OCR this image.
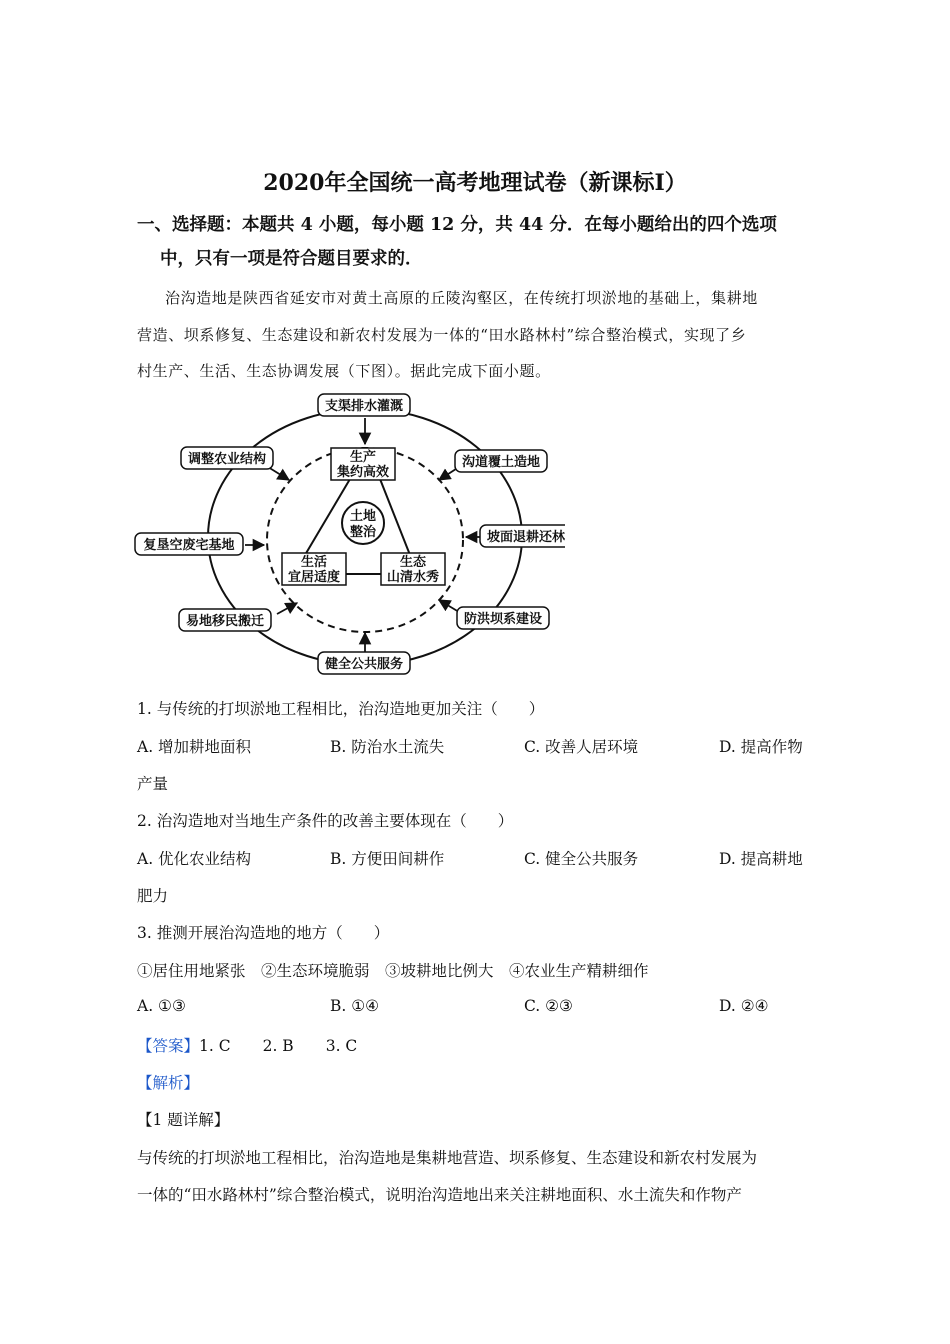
2020年全国统一高考地理试卷（新课标Ⅰ）
一、选择题：本题共 4 小题，每小题 12 分，共 44 分．在每小题给出的四个选项
中，只有一项是符合题目要求的．
治沟造地是陕西省延安市对黄土高原的丘陵沟壑区，在传统打坝淤地的基础上，集耕地
营造、坝系修复、生态建设和新农村发展为一体的“田水路林村”综合整治模式，实现了乡
村生产、生活、生态协调发展（下图）。据此完成下面小题。
土地
整治
生产
集约高效
生活
宜居适度
生态
山清水秀
支渠排水灌溉
调整农业结构	沟道覆土造地
复垦空废宅基地
坡面退耕还林
易地移民搬迁	防洪坝系建设
健全公共服务
1. 与传统的打坝淤地工程相比，治沟造地更加关注（　　）
A. 增加耕地面积	B. 防治水土流失	C. 改善人居环境	D. 提高作物
产量
2. 治沟造地对当地生产条件的改善主要体现在（　　）
A. 优化农业结构	B. 方便田间耕作	C. 健全公共服务	D. 提高耕地
肥力
3. 推测开展治沟造地的地方（　　）
①居住用地紧张　②生态环境脆弱　③坡耕地比例大　④农业生产精耕细作
A. ①③	B. ①④	C. ②③	D. ②④
【答案】1. C 2. B 3. C
【解析】
【1 题详解】
与传统的打坝淤地工程相比，治沟造地是集耕地营造、坝系修复、生态建设和新农村发展为
一体的“田水路林村”综合整治模式，说明治沟造地出来关注耕地面积、水土流失和作物产
